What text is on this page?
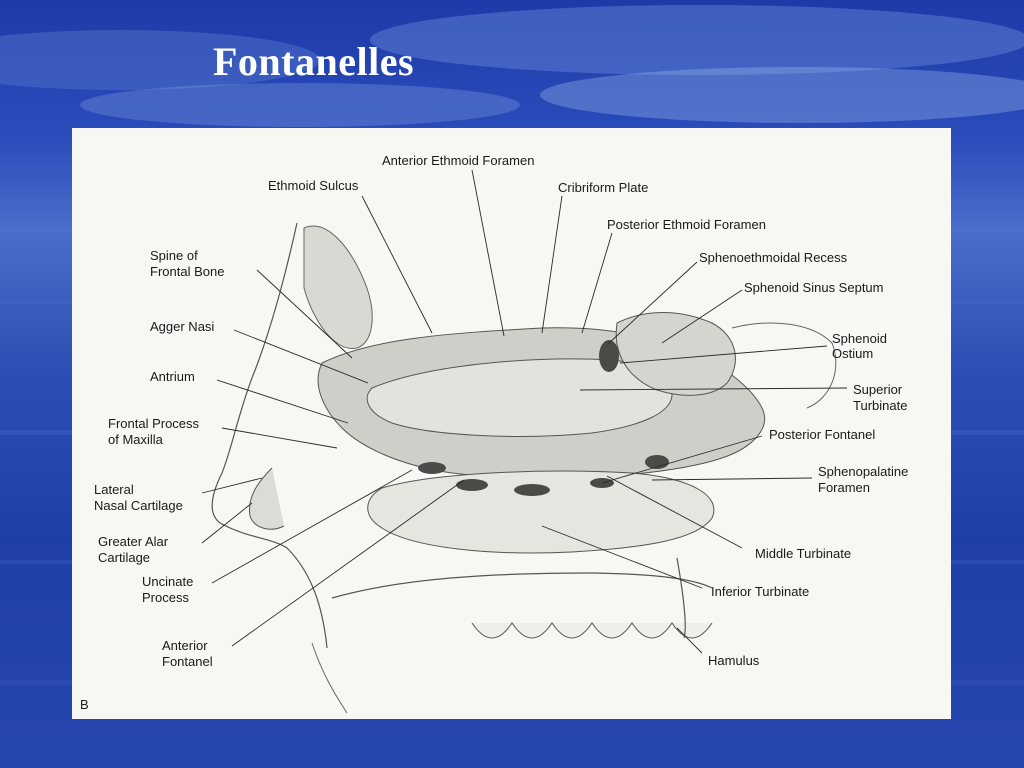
Fontanelles
Anterior Ethmoid Foramen
Ethmoid Sulcus	Cribriform Plate
Posterior Ethmoid Foramen
Spine of
Frontal Bone
Sphenoethmoidal Recess
Sphenoid Sinus Septum
Agger Nasi
Sphenoid
Ostium
Antrium
Superior
Turbinate
Frontal Process
of Maxilla	Posterior Fontanel
Lateral
Nasal Cartilage
Sphenopalatine
Foramen
Greater Alar
Cartilage	Middle Turbinate
Uncinate
Process	Inferior Turbinate
Anterior
Fontanel	Hamulus
B
